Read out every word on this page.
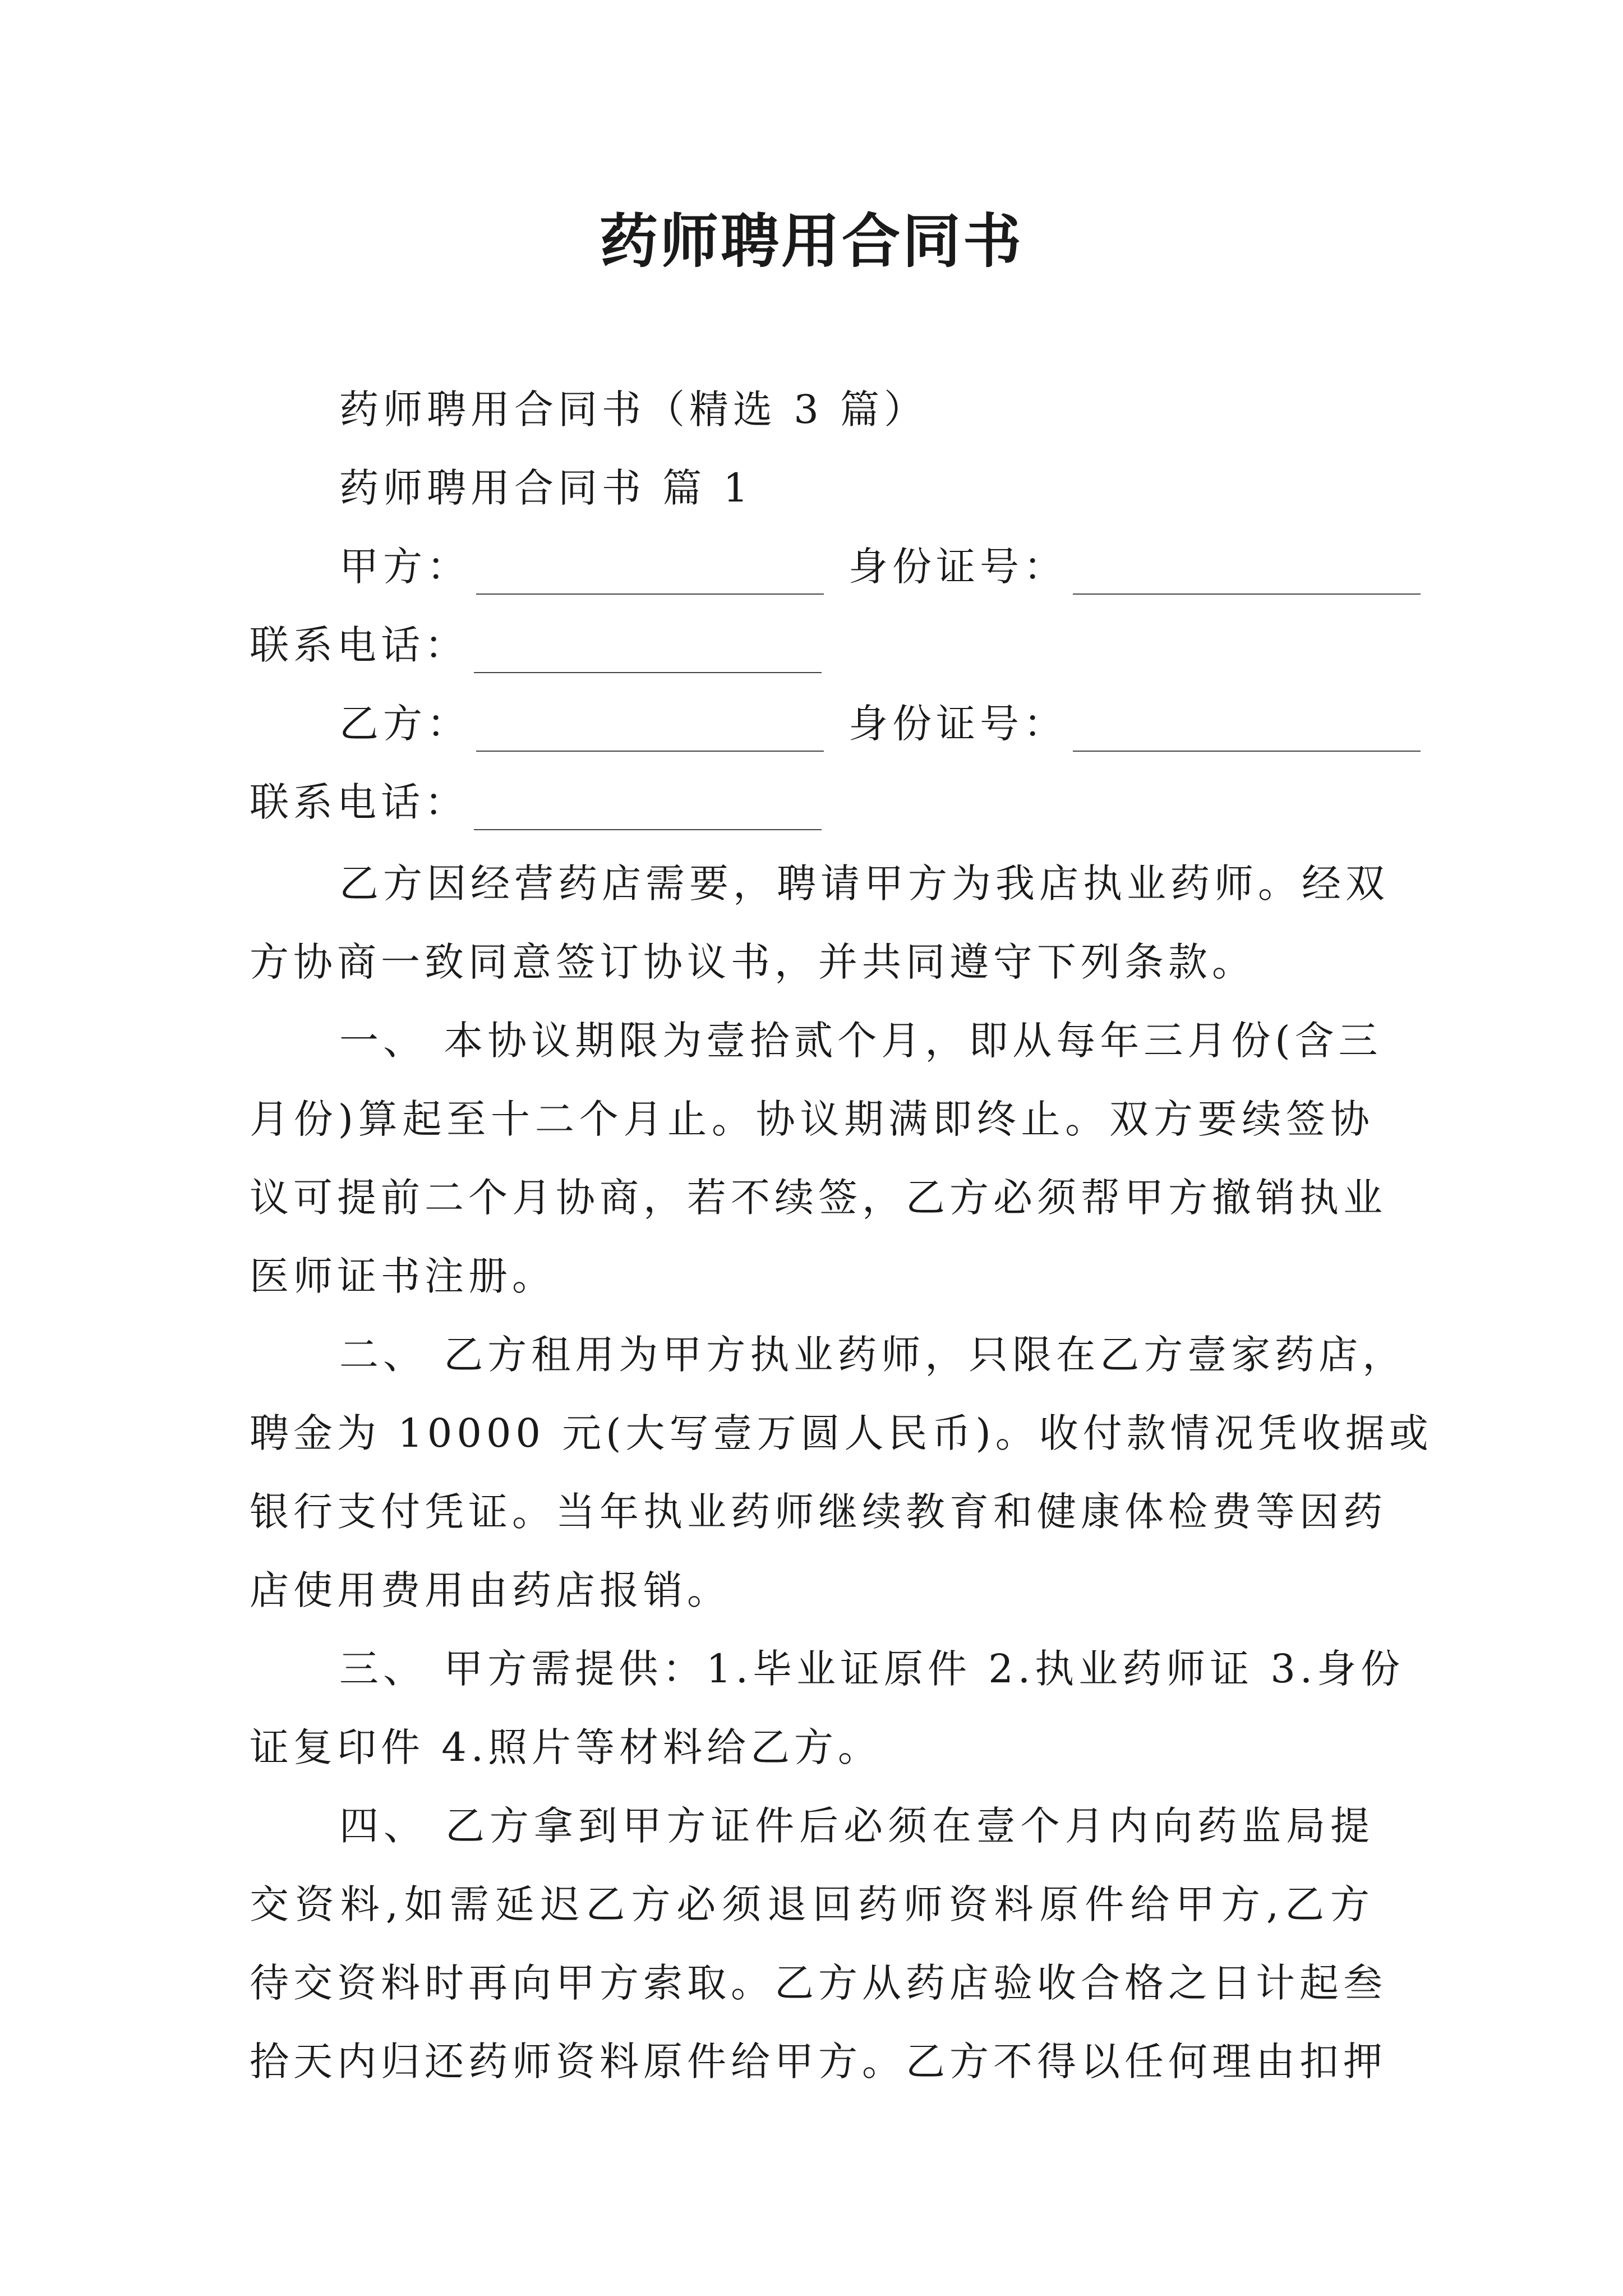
药师聘用合同书
药师聘用合同书（精选 3 篇）
药师聘用合同书 篇 1
甲方：	身份证号：
联系电话：
乙方：	身份证号：
联系电话：
乙方因经营药店需要，聘请甲方为我店执业药师。经双
方协商一致同意签订协议书，并共同遵守下列条款。
一、 本协议期限为壹拾贰个月，即从每年三月份(含三
月份)算起至十二个月止。协议期满即终止。双方要续签协
议可提前二个月协商，若不续签，乙方必须帮甲方撤销执业
医师证书注册。
二、 乙方租用为甲方执业药师，只限在乙方壹家药店，
聘金为 10000 元(大写壹万圆人民币)。收付款情况凭收据或
银行支付凭证。当年执业药师继续教育和健康体检费等因药
店使用费用由药店报销。
三、 甲方需提供：1.毕业证原件 2.执业药师证 3.身份
证复印件 4.照片等材料给乙方。
四、 乙方拿到甲方证件后必须在壹个月内向药监局提
交资料,如需延迟乙方必须退回药师资料原件给甲方,乙方
待交资料时再向甲方索取。乙方从药店验收合格之日计起叁
拾天内归还药师资料原件给甲方。乙方不得以任何理由扣押
